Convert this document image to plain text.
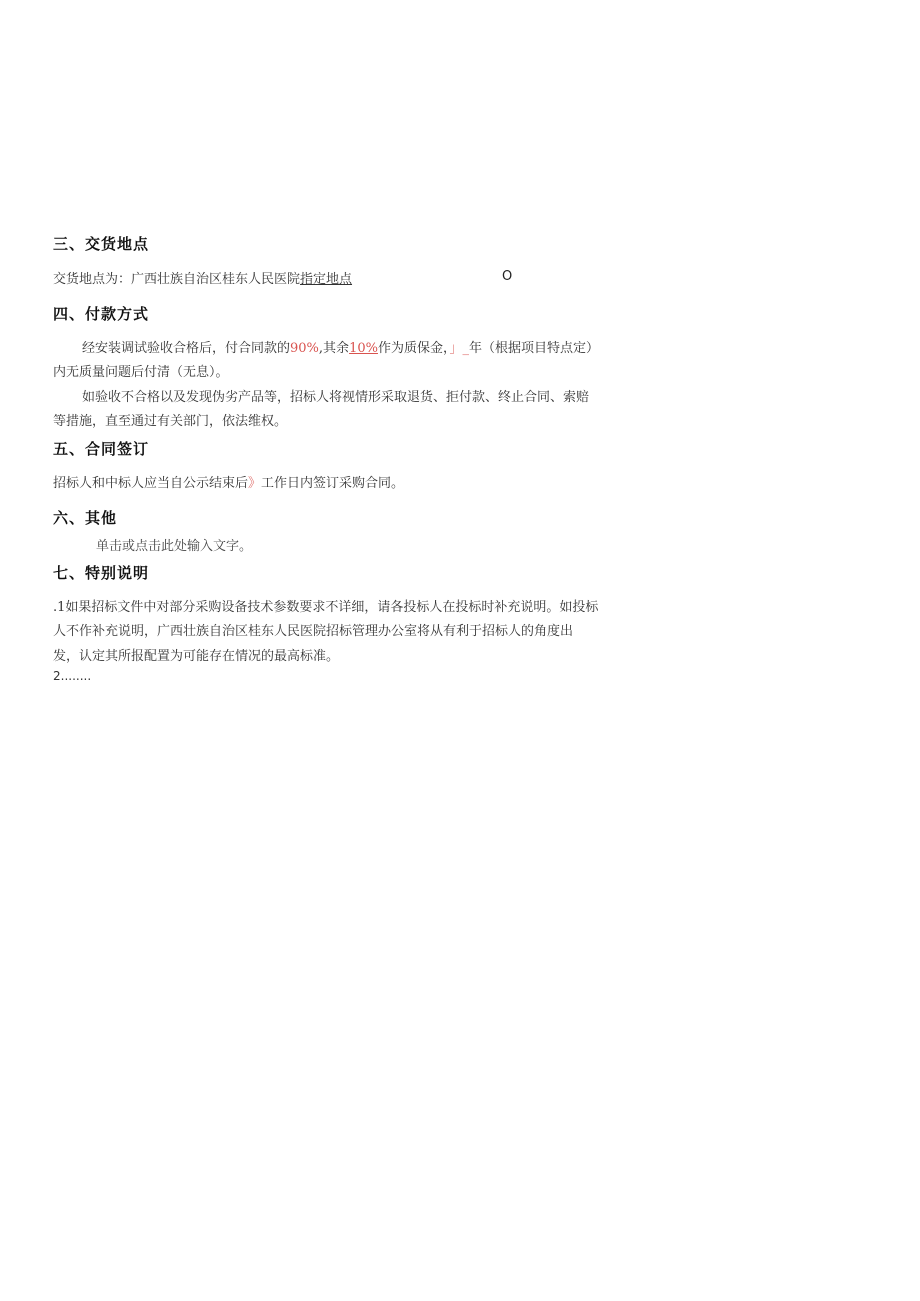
三、交货地点
交货地点为：广西壮族自治区桂东人民医院指定地点	O
四、付款方式
经安装调试验收合格后，付合同款的90%,其余10%作为质保金，」_年（根据项目特点定）
内无质量问题后付清（无息）。
如验收不合格以及发现伪劣产品等，招标人将视情形采取退货、拒付款、终止合同、索赔
等措施，直至通过有关部门，依法维权。
五、合同签订
招标人和中标人应当自公示结束后》工作日内签订采购合同。
六、其他
单击或点击此处输入文字。
七、特别说明
.1如果招标文件中对部分采购设备技术参数要求不详细，请各投标人在投标时补充说明。如投标
人不作补充说明，广西壮族自治区桂东人民医院招标管理办公室将从有利于招标人的角度出
发，认定其所报配置为可能存在情况的最高标准。
2........
